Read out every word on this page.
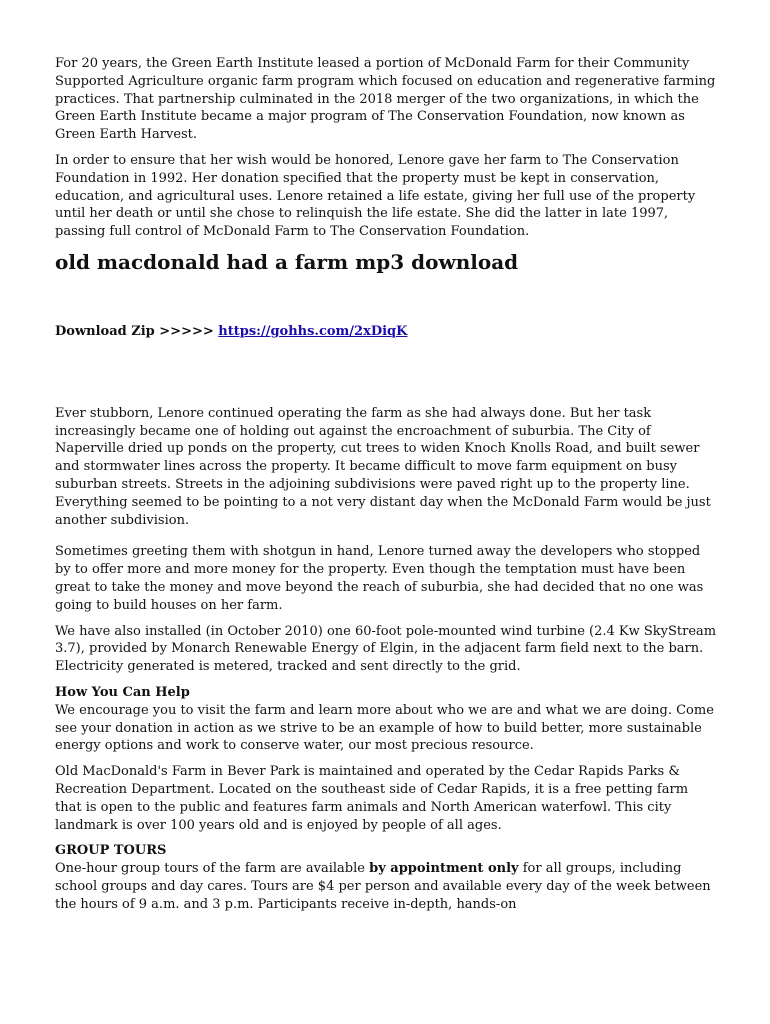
For 20 years, the Green Earth Institute leased a portion of McDonald Farm for their Community Supported Agriculture organic farm program which focused on education and regenerative farming practices. That partnership culminated in the 2018 merger of the two organizations, in which the Green Earth Institute became a major program of The Conservation Foundation, now known as Green Earth Harvest.

In order to ensure that her wish would be honored, Lenore gave her farm to The Conservation Foundation in 1992. Her donation specified that the property must be kept in conservation, education, and agricultural uses. Lenore retained a life estate, giving her full use of the property until her death or until she chose to relinquish the life estate. She did the latter in late 1997, passing full control of McDonald Farm to The Conservation Foundation.

old macdonald had a farm mp3 download

Download Zip >>>>> https://gohhs.com/2xDiqK

Ever stubborn, Lenore continued operating the farm as she had always done. But her task increasingly became one of holding out against the encroachment of suburbia. The City of Naperville dried up ponds on the property, cut trees to widen Knoch Knolls Road, and built sewer and stormwater lines across the property. It became difficult to move farm equipment on busy suburban streets. Streets in the adjoining subdivisions were paved right up to the property line. Everything seemed to be pointing to a not very distant day when the McDonald Farm would be just another subdivision.

Sometimes greeting them with shotgun in hand, Lenore turned away the developers who stopped by to offer more and more money for the property. Even though the temptation must have been great to take the money and move beyond the reach of suburbia, she had decided that no one was going to build houses on her farm.

We have also installed (in October 2010) one 60-foot pole-mounted wind turbine (2.4 Kw SkyStream 3.7), provided by Monarch Renewable Energy of Elgin, in the adjacent farm field next to the barn. Electricity generated is metered, tracked and sent directly to the grid.

How You Can Help
We encourage you to visit the farm and learn more about who we are and what we are doing. Come see your donation in action as we strive to be an example of how to build better, more sustainable energy options and work to conserve water, our most precious resource.

Old MacDonald's Farm in Bever Park is maintained and operated by the Cedar Rapids Parks & Recreation Department. Located on the southeast side of Cedar Rapids, it is a free petting farm that is open to the public and features farm animals and North American waterfowl. This city landmark is over 100 years old and is enjoyed by people of all ages.

GROUP TOURS
One-hour group tours of the farm are available by appointment only for all groups, including school groups and day cares. Tours are $4 per person and available every day of the week between the hours of 9 a.m. and 3 p.m. Participants receive in-depth, hands-on
